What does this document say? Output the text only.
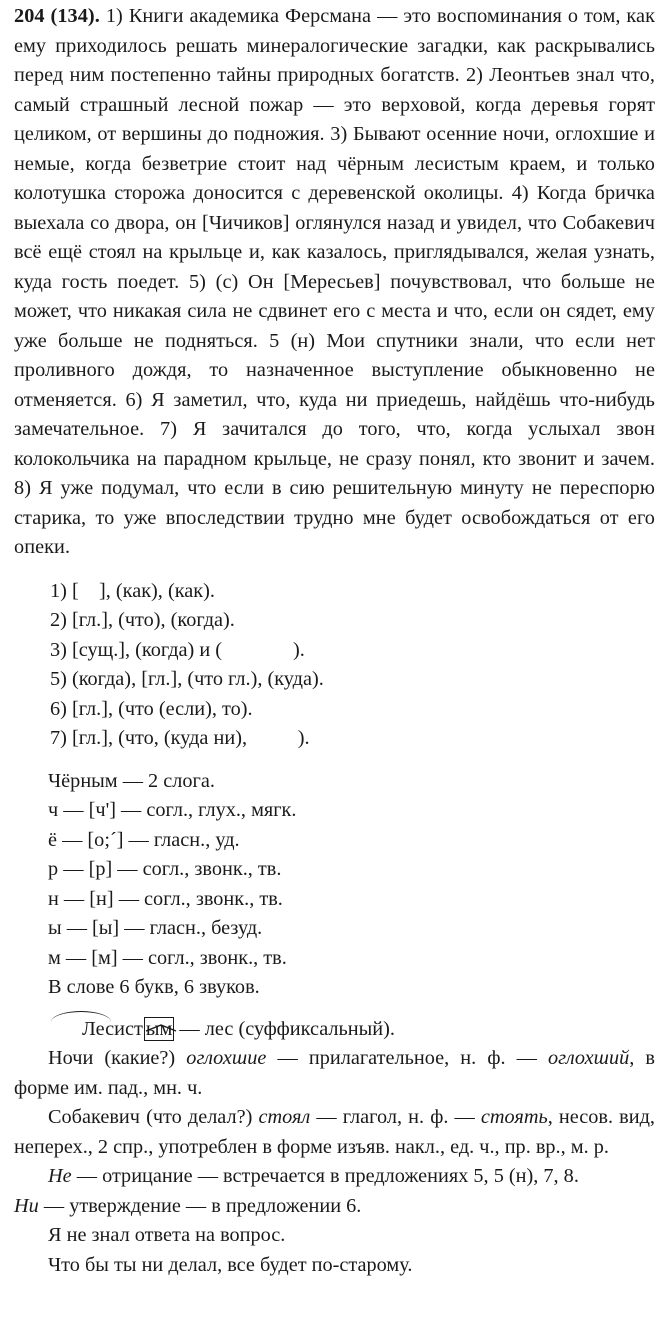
204 (134). 1) Книги академика Ферсмана — это воспоминания о том, как ему приходилось решать минералогические загадки, как раскрывались перед ним постепенно тайны природных богатств. 2) Леонтьев знал что, самый страшный лесной пожар — это верховой, когда деревья горят целиком, от вершины до подножия. 3) Бывают осенние ночи, оглохшие и немые, когда безветрие стоит над чёрным лесистым краем, и только колотушка сторожа доносится с деревенской околицы. 4) Когда бричка выехала со двора, он [Чичиков] оглянулся назад и увидел, что Собакевич всё ещё стоял на крыльце и, как казалось, приглядывался, желая узнать, куда гость поедет. 5) (с) Он [Мересьев] почувствовал, что больше не может, что никакая сила не сдвинет его с места и что, если он сядет, ему уже больше не подняться. 5 (н) Мои спутники знали, что если нет проливного дождя, то назначенное выступление обыкновенно не отменяется. 6) Я заметил, что, куда ни приедешь, найдёшь что-нибудь замечательное. 7) Я зачитался до того, что, когда услыхал звон колокольчика на парадном крыльце, не сразу понял, кто звонит и зачем. 8) Я уже подумал, что если в сию решительную минуту не переспорю старика, то уже впоследствии трудно мне будет освобождаться от его опеки.

1) [    ], (как), (как).
2) [гл.], (что), (когда).
3) [сущ.], (когда) и (              ).
5) (когда), [гл.], (что гл.), (куда).
6) [гл.], (что (если), то).
7) [гл.], (что, (куда ни),          ).
Чёрным — 2 слога.
ч — [ч'] — согл., глух., мягк.
ё — [о;´] — гласн., уд.
р — [р] — согл., звонк., тв.
н — [н] — согл., звонк., тв.
ы — [ы] — гласн., безуд.
м — [м] — согл., звонк., тв.
В слове 6 букв, 6 звуков.

Лесист ым — лес (суффиксальный).

Ночи (какие?) оглохшие — прилагательное, н. ф. — оглохший, в форме им. пад., мн. ч.

Собакевич (что делал?) стоял — глагол, н. ф. — стоять, несов. вид, неперех., 2 спр., употреблен в форме изъяв. накл., ед. ч., пр. вр., м. р.

Не — отрицание — встречается в предложениях 5, 5 (н), 7, 8.

Ни — утверждение — в предложении 6.

Я не знал ответа на вопрос.

Что бы ты ни делал, все будет по-старому.
